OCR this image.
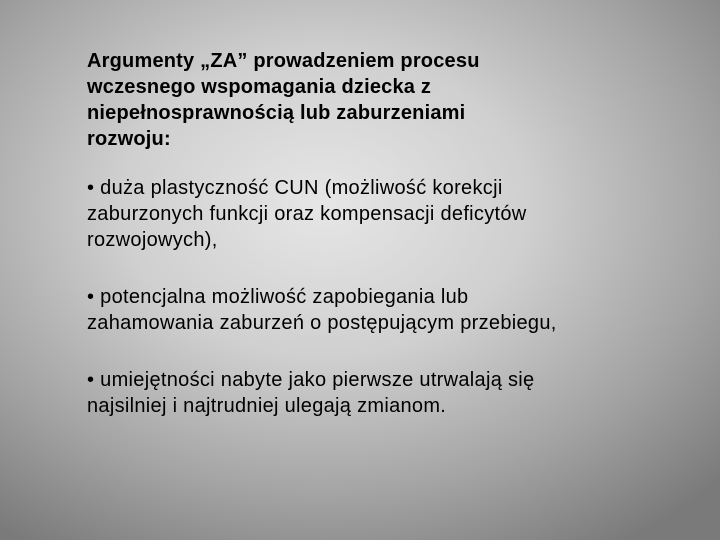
Argumenty „ZA” prowadzeniem procesu
wczesnego wspomagania dziecka z
niepełnosprawnością lub zaburzeniami
rozwoju:
• duża plastyczność CUN (możliwość korekcji
zaburzonych funkcji oraz kompensacji deficytów
rozwojowych),
• potencjalna możliwość zapobiegania lub
zahamowania zaburzeń o postępującym przebiegu,
• umiejętności nabyte jako pierwsze utrwalają się
najsilniej i najtrudniej ulegają zmianom.
